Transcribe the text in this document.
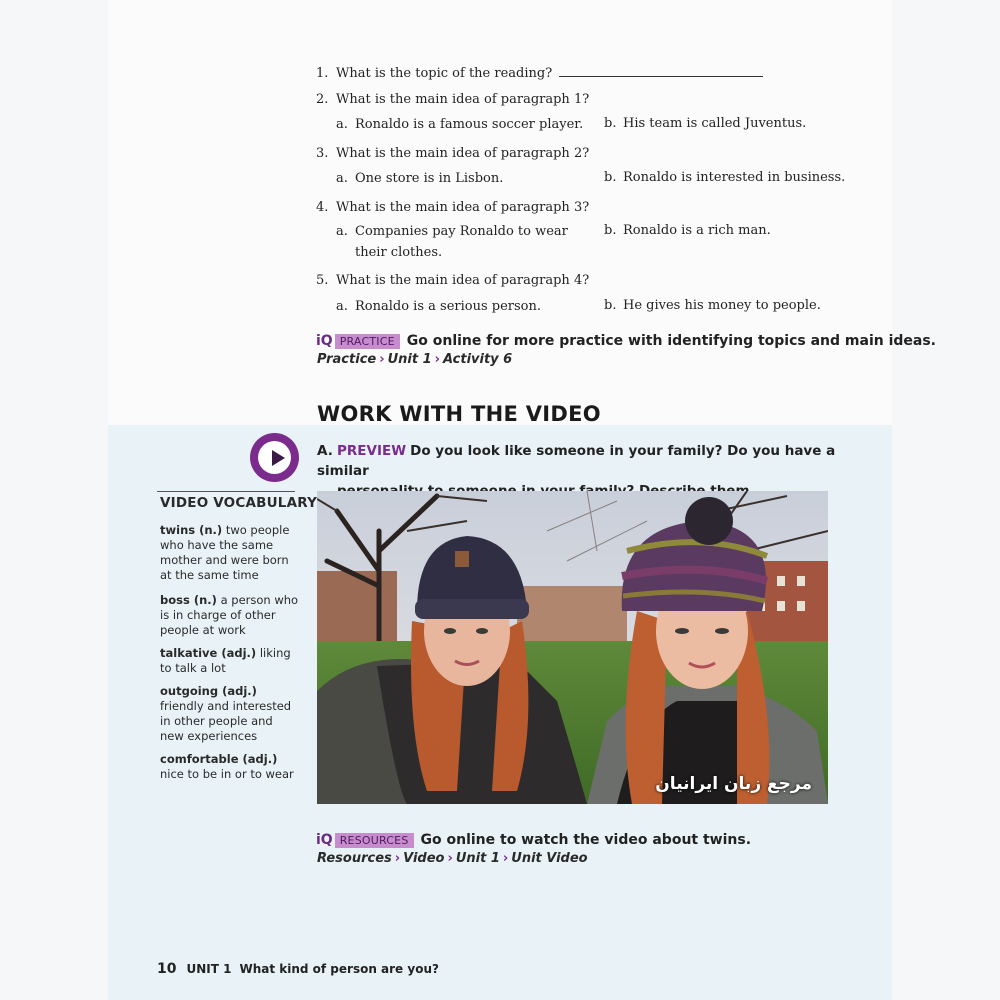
1. What is the topic of the reading?
2. What is the main idea of paragraph 1?
a. Ronaldo is a famous soccer player. b. His team is called Juventus.
3. What is the main idea of paragraph 2?
a. One store is in Lisbon.	b. Ronaldo is interested in business.
4. What is the main idea of paragraph 3?
a. Companies pay Ronaldo to wear
their clothes.
b. Ronaldo is a rich man.
5. What is the main idea of paragraph 4?
a. Ronaldo is a serious person.	b. He gives his money to people.
iQ PRACTICE Go online for more practice with identifying topics and main ideas.
Practice › Unit 1 › Activity 6
WORK WITH THE VIDEO
A. PREVIEW Do you look like someone in your family? Do you have a similar
VIDEO VOCABULARY
twins (n.) two people who have the same mother and were born at the same time
boss (n.) a person who is in charge of other people at work
talkative (adj.) liking to talk a lot
outgoing (adj.) friendly and interested in other people and new experiences
comfortable (adj.) nice to be in or to wear	مرجع زبان ایرانیان
iQ RESOURCES Go online to watch the video about twins.
Resources › Video › Unit 1 › Unit Video
10 UNIT 1 What kind of person are you?
